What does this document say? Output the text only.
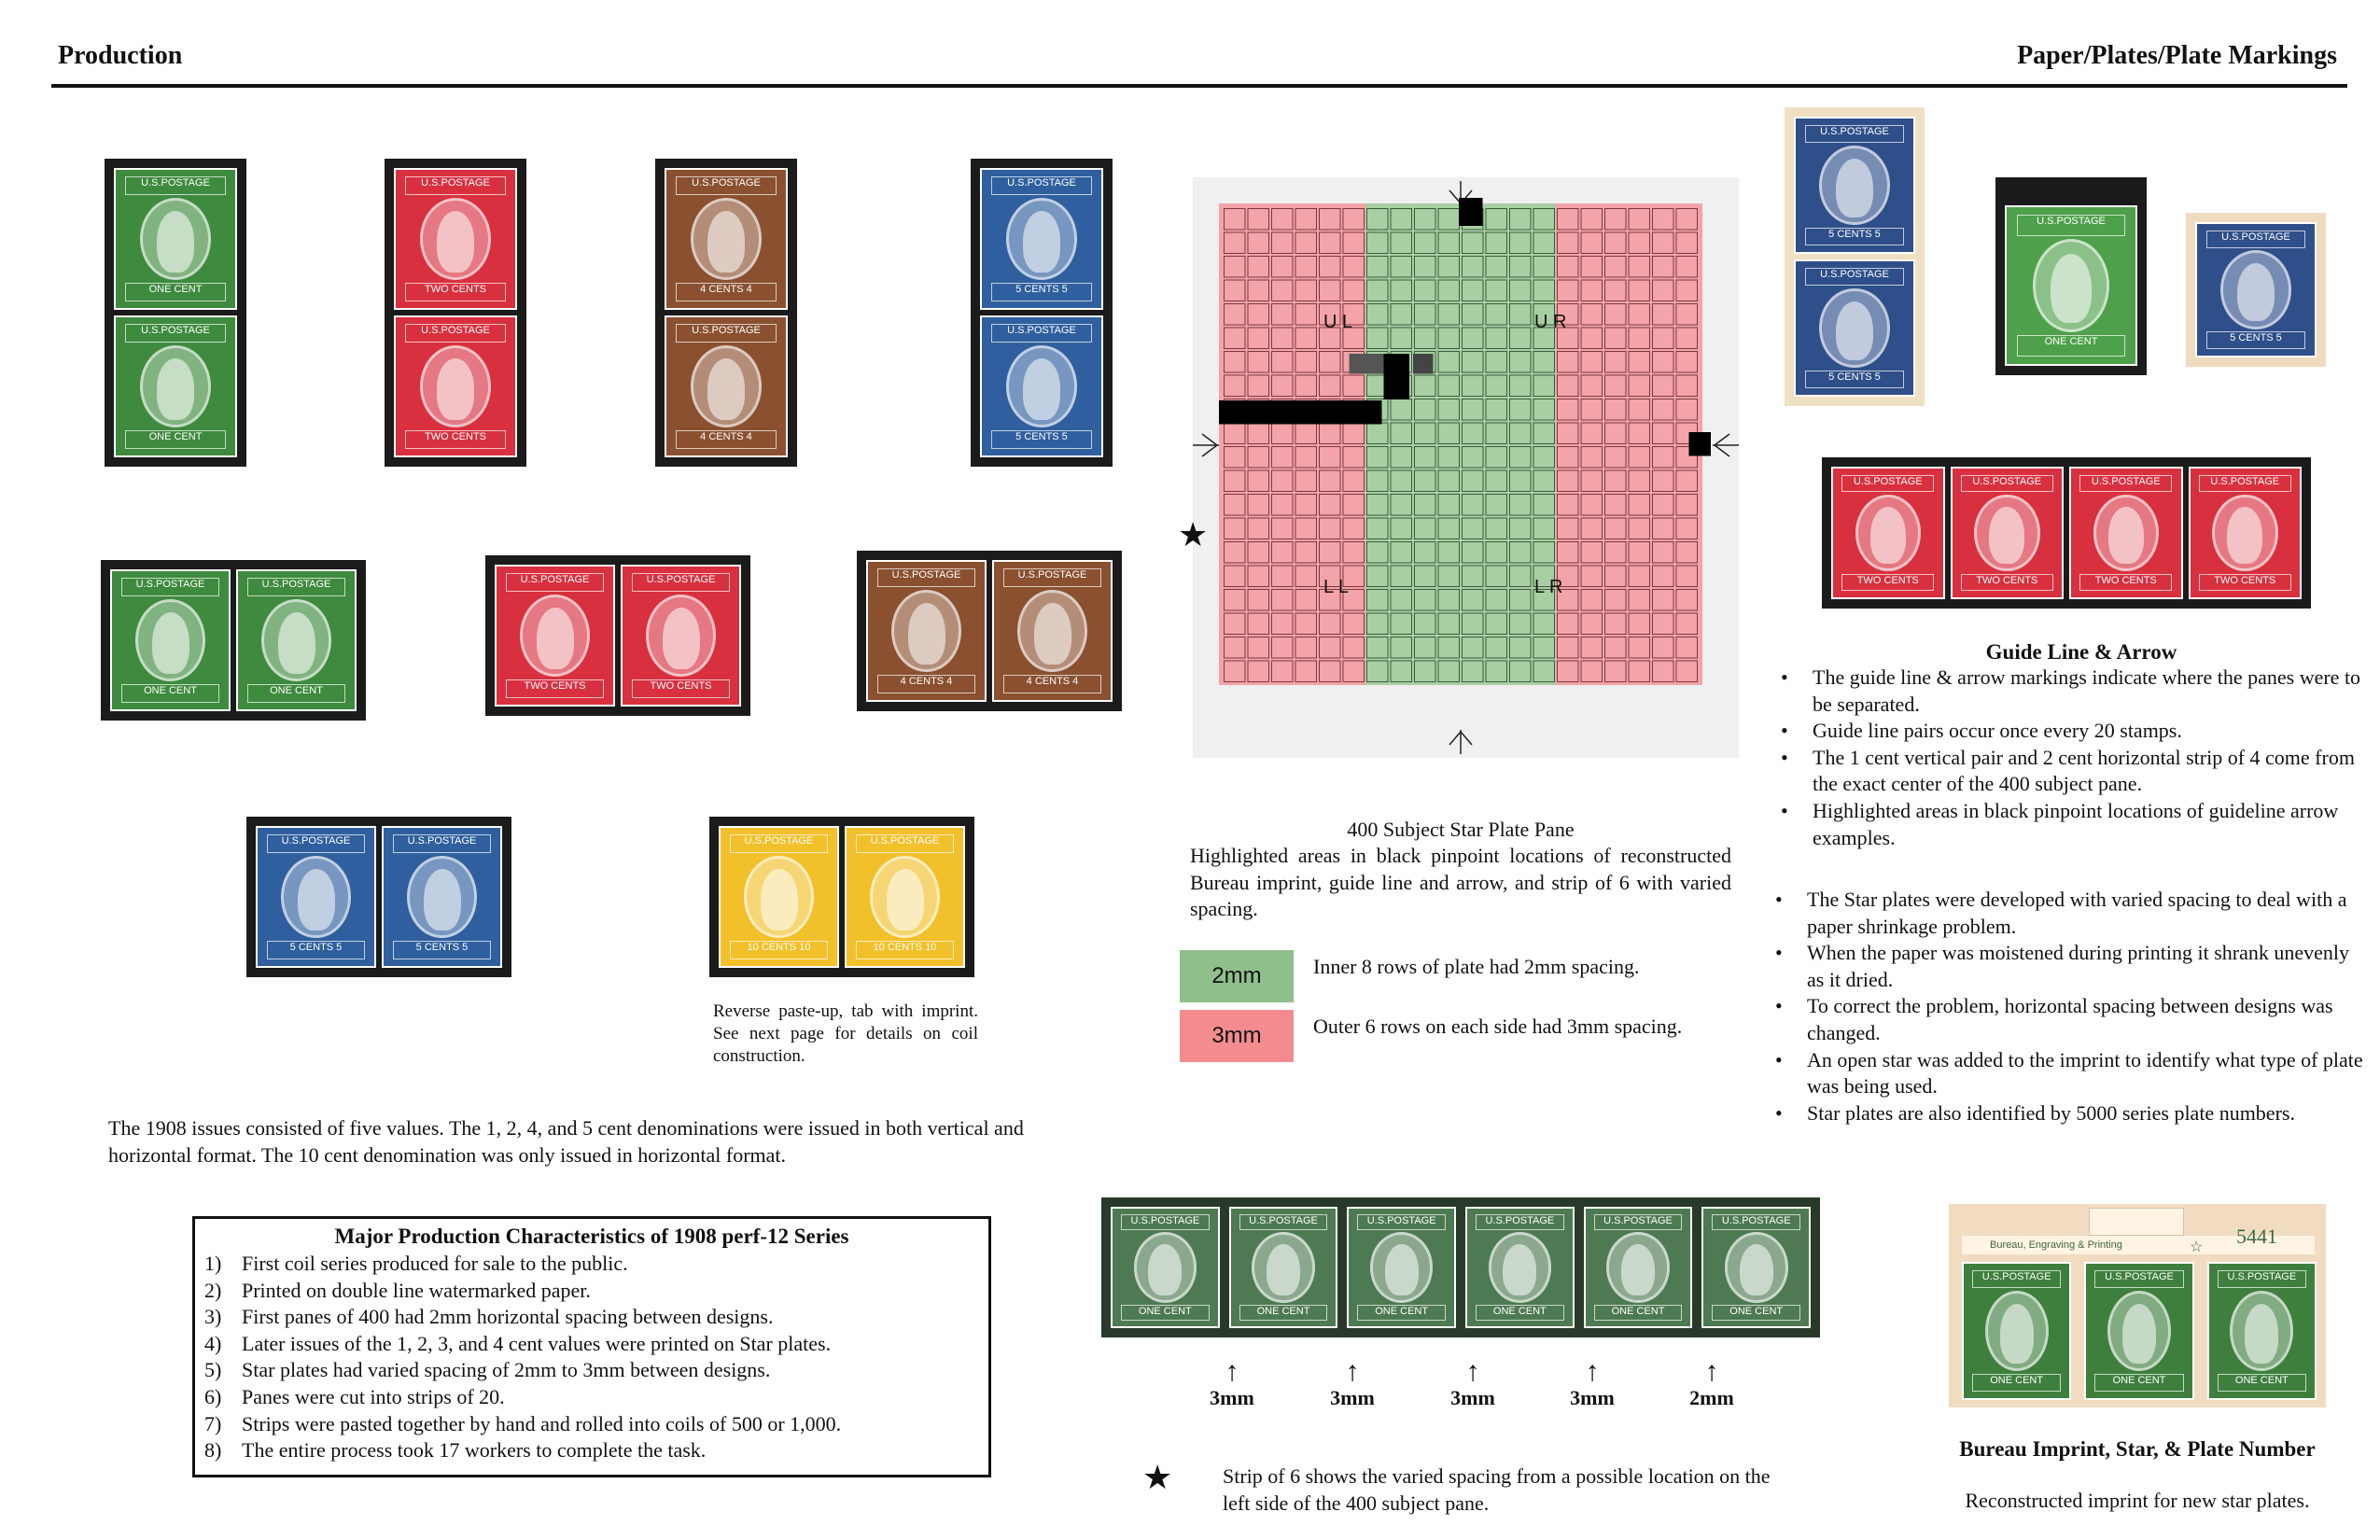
Production	Paper/Plates/Plate Markings
U.S.POSTAGE
ONE CENT
U.S.POSTAGE
ONE CENT
U.S.POSTAGE
TWO CENTS
U.S.POSTAGE
TWO CENTS
U.S.POSTAGE
4 CENTS 4
U.S.POSTAGE
4 CENTS 4
U.S.POSTAGE
5 CENTS 5
U.S.POSTAGE
5 CENTS 5
U.S.POSTAGE
ONE CENT
U.S.POSTAGE
ONE CENT
U.S.POSTAGE
TWO CENTS
U.S.POSTAGE
TWO CENTS
U.S.POSTAGE
4 CENTS 4
U.S.POSTAGE
4 CENTS 4
U.S.POSTAGE
5 CENTS 5
U.S.POSTAGE
5 CENTS 5
U.S.POSTAGE
10 CENTS 10
U.S.POSTAGE
10 CENTS 10
Reverse paste-up, tab with imprint. See next page for details on coil construction.
The 1908 issues consisted of five values. The 1, 2, 4, and 5 cent denominations were issued in both vertical and horizontal format. The 10 cent denomination was only issued in horizontal format.
Major Production Characteristics of 1908 perf-12 Series
1) First coil series produced for sale to the public.
2) Printed on double line watermarked paper.
3) First panes of 400 had 2mm horizontal spacing between designs.
4) Later issues of the 1, 2, 3, and 4 cent values were printed on Star plates.
5) Star plates had varied spacing of 2mm to 3mm between designs.
6) Panes were cut into strips of 20.
7) Strips were pasted together by hand and rolled into coils of 500 or 1,000.
8) The entire process took 17 workers to complete the task.
U L	U R
L L	L R
★
400 Subject Star Plate Pane
Highlighted areas in black pinpoint locations of reconstructed Bureau imprint, guide line and arrow, and strip of 6 with varied spacing.
2mm	Inner 8 rows of plate had 2mm spacing.
3mm	Outer 6 rows on each side had 3mm spacing.
U.S.POSTAGE
ONE CENT
U.S.POSTAGE
ONE CENT
U.S.POSTAGE
ONE CENT
U.S.POSTAGE
ONE CENT
U.S.POSTAGE
ONE CENT
U.S.POSTAGE
ONE CENT
↑
3mm
↑
3mm
↑
3mm
↑
3mm
↑
2mm
★ Strip of 6 shows the varied spacing from a possible location on the left side of the 400 subject pane.
U.S.POSTAGE
5 CENTS 5
U.S.POSTAGE
5 CENTS 5
U.S.POSTAGE
ONE CENT
U.S.POSTAGE
5 CENTS 5
U.S.POSTAGE
TWO CENTS
U.S.POSTAGE
TWO CENTS
U.S.POSTAGE
TWO CENTS
U.S.POSTAGE
TWO CENTS
Guide Line & Arrow
• The guide line & arrow markings indicate where the panes were to be separated.
• Guide line pairs occur once every 20 stamps.
• The 1 cent vertical pair and 2 cent horizontal strip of 4 come from the exact center of the 400 subject pane.
• Highlighted areas in black pinpoint locations of guideline arrow examples.
• The Star plates were developed with varied spacing to deal with a paper shrinkage problem.
• When the paper was moistened during printing it shrank unevenly as it dried.
• To correct the problem, horizontal spacing between designs was changed.
• An open star was added to the imprint to identify what type of plate was being used.
• Star plates are also identified by 5000 series plate numbers.
Bureau, Engraving & Printing	☆ 5441
U.S.POSTAGE
ONE CENT
U.S.POSTAGE
ONE CENT
U.S.POSTAGE
ONE CENT
Bureau Imprint, Star, & Plate Number
Reconstructed imprint for new star plates.
